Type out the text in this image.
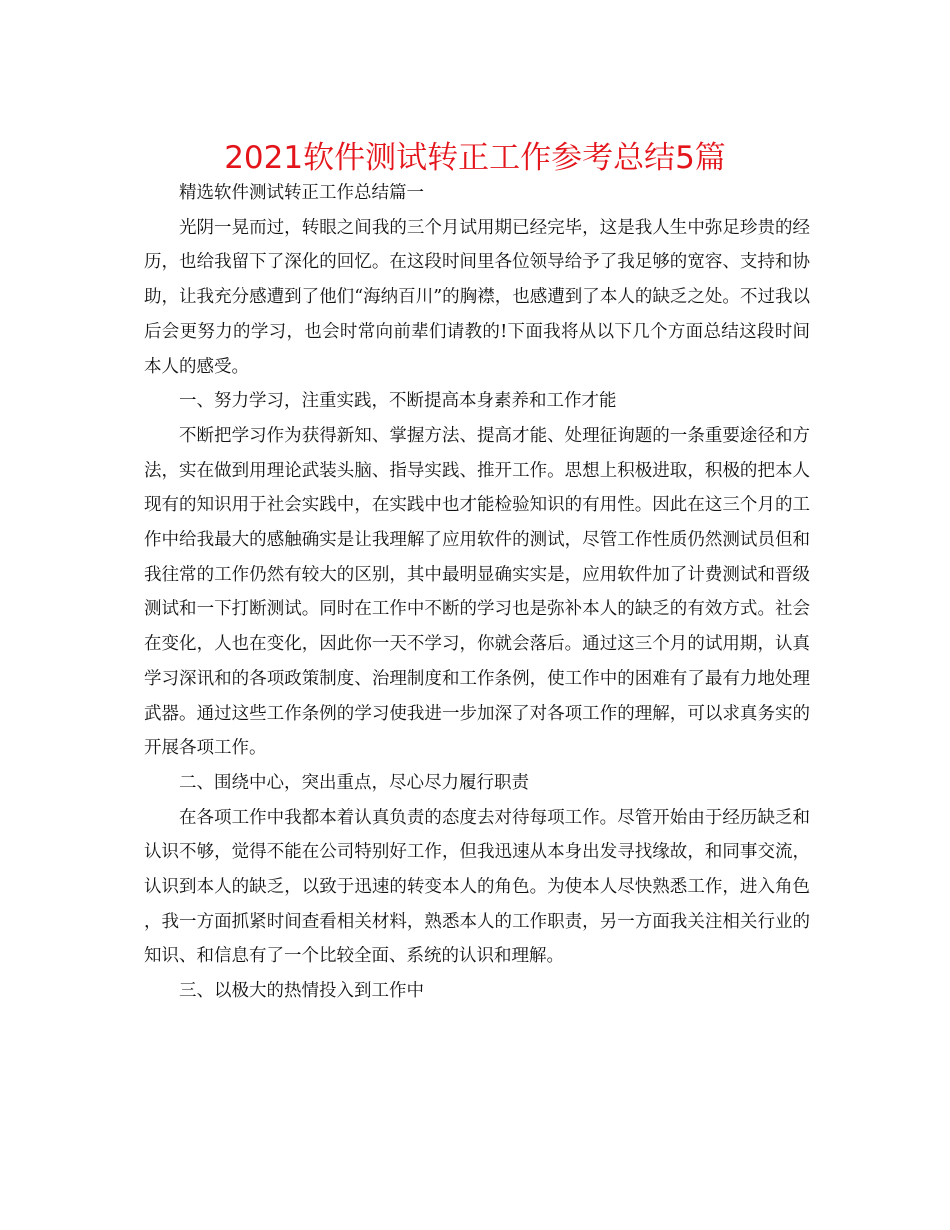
2021软件测试转正工作参考总结5篇

精选软件测试转正工作总结篇一

光阴一晃而过，转眼之间我的三个月试用期已经完毕，这是我人生中弥足珍贵的经历，也给我留下了深化的回忆。在这段时间里各位领导给予了我足够的宽容、支持和协助，让我充分感遭到了他们“海纳百川”的胸襟，也感遭到了本人的缺乏之处。不过我以后会更努力的学习，也会时常向前辈们请教的!下面我将从以下几个方面总结这段时间本人的感受。

一、努力学习，注重实践，不断提高本身素养和工作才能

不断把学习作为获得新知、掌握方法、提高才能、处理征询题的一条重要途径和方法，实在做到用理论武装头脑、指导实践、推开工作。思想上积极进取，积极的把本人现有的知识用于社会实践中，在实践中也才能检验知识的有用性。因此在这三个月的工作中给我最大的感触确实是让我理解了应用软件的测试，尽管工作性质仍然测试员但和我往常的工作仍然有较大的区别，其中最明显确实实是，应用软件加了计费测试和晋级测试和一下打断测试。同时在工作中不断的学习也是弥补本人的缺乏的有效方式。社会在变化，人也在变化，因此你一天不学习，你就会落后。通过这三个月的试用期，认真学习深讯和的各项政策制度、治理制度和工作条例，使工作中的困难有了最有力地处理武器。通过这些工作条例的学习使我进一步加深了对各项工作的理解，可以求真务实的开展各项工作。

二、围绕中心，突出重点，尽心尽力履行职责

在各项工作中我都本着认真负责的态度去对待每项工作。尽管开始由于经历缺乏和认识不够，觉得不能在公司特别好工作，但我迅速从本身出发寻找缘故，和同事交流，认识到本人的缺乏，以致于迅速的转变本人的角色。为使本人尽快熟悉工作，进入角色，我一方面抓紧时间查看相关材料，熟悉本人的工作职责，另一方面我关注相关行业的知识、和信息有了一个比较全面、系统的认识和理解。

三、以极大的热情投入到工作中
